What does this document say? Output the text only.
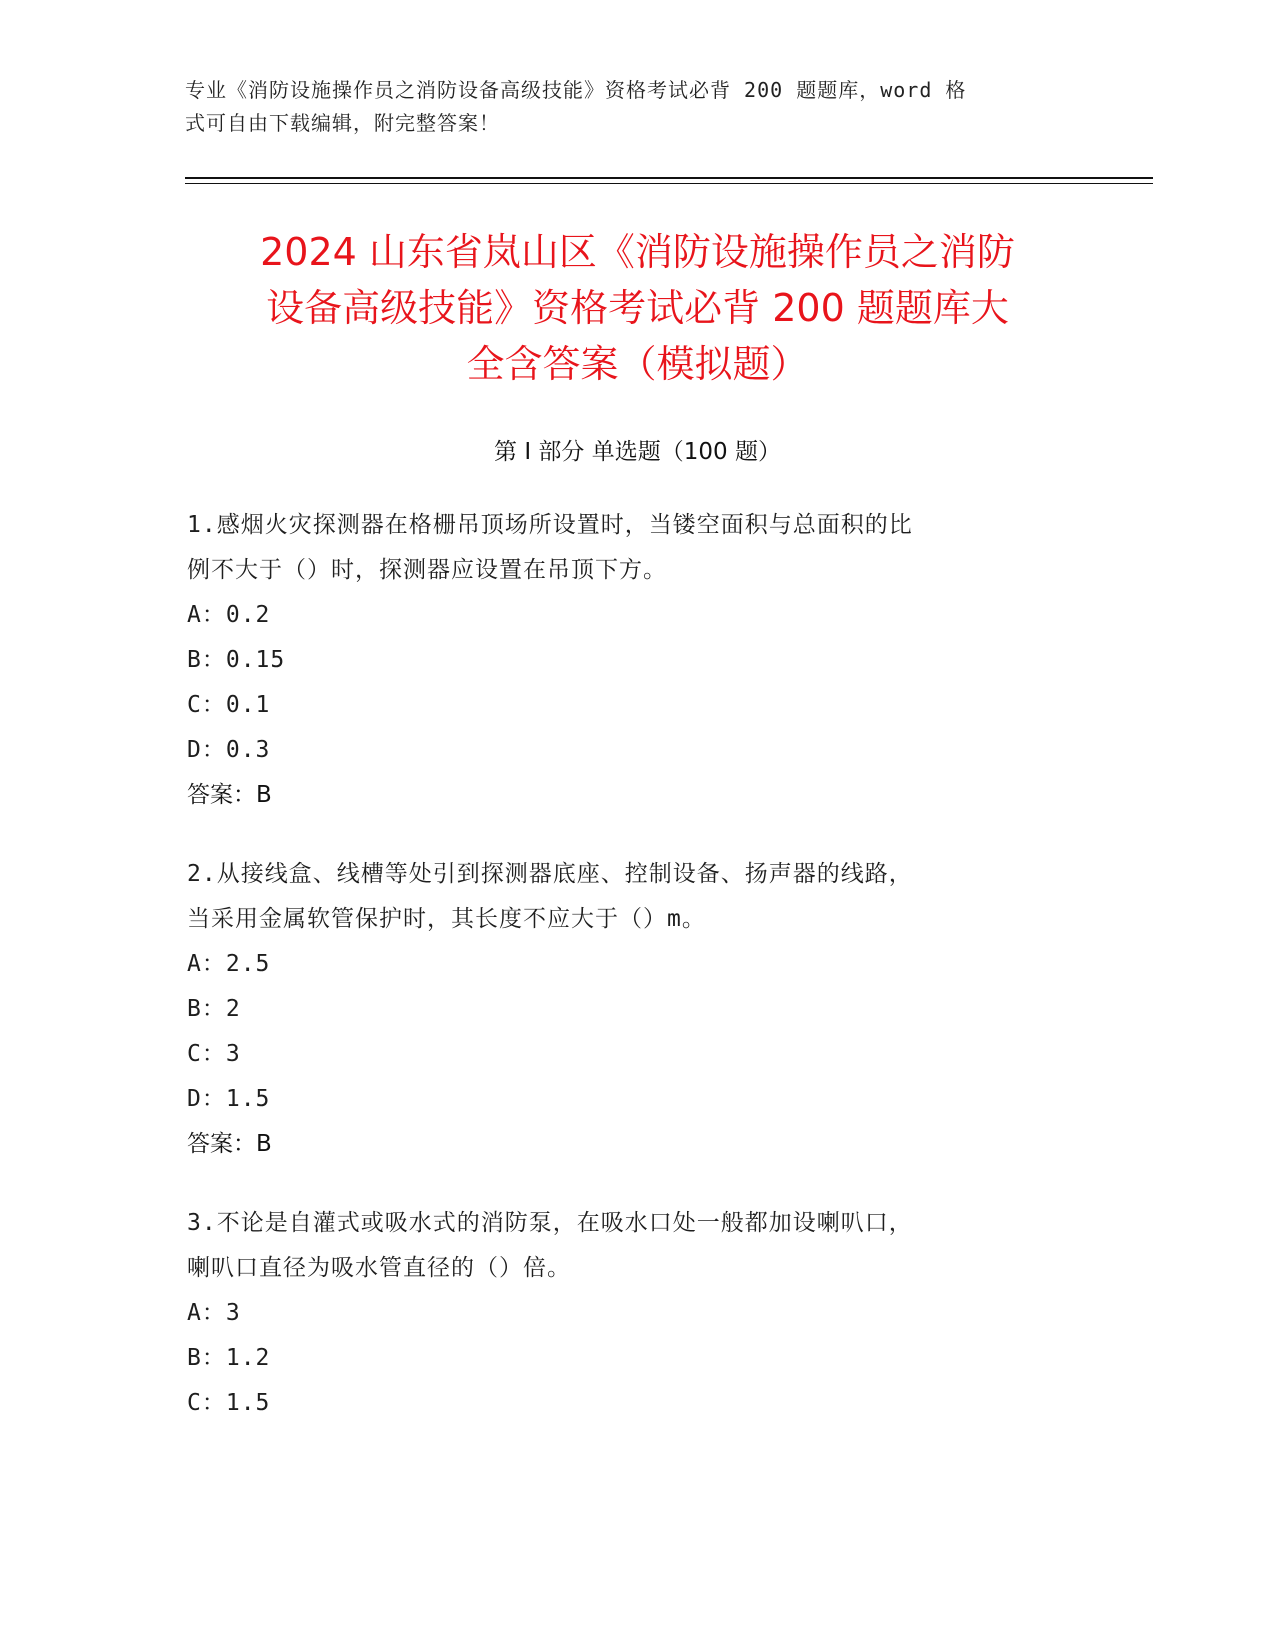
专业《消防设施操作员之消防设备高级技能》资格考试必背 200 题题库，word 格
式可自由下载编辑，附完整答案！
2024 山东省岚山区《消防设施操作员之消防
设备高级技能》资格考试必背 200 题题库大
全含答案（模拟题）
第 I 部分 单选题（100 题）
1.感烟火灾探测器在格栅吊顶场所设置时，当镂空面积与总面积的比
例不大于（）时，探测器应设置在吊顶下方。
A：0.2
B：0.15
C：0.1
D：0.3
答案：B
2.从接线盒、线槽等处引到探测器底座、控制设备、扬声器的线路，
当采用金属软管保护时，其长度不应大于（）m。
A：2.5
B：2
C：3
D：1.5
答案：B
3.不论是自灌式或吸水式的消防泵，在吸水口处一般都加设喇叭口，
喇叭口直径为吸水管直径的（）倍。
A：3
B：1.2
C：1.5
